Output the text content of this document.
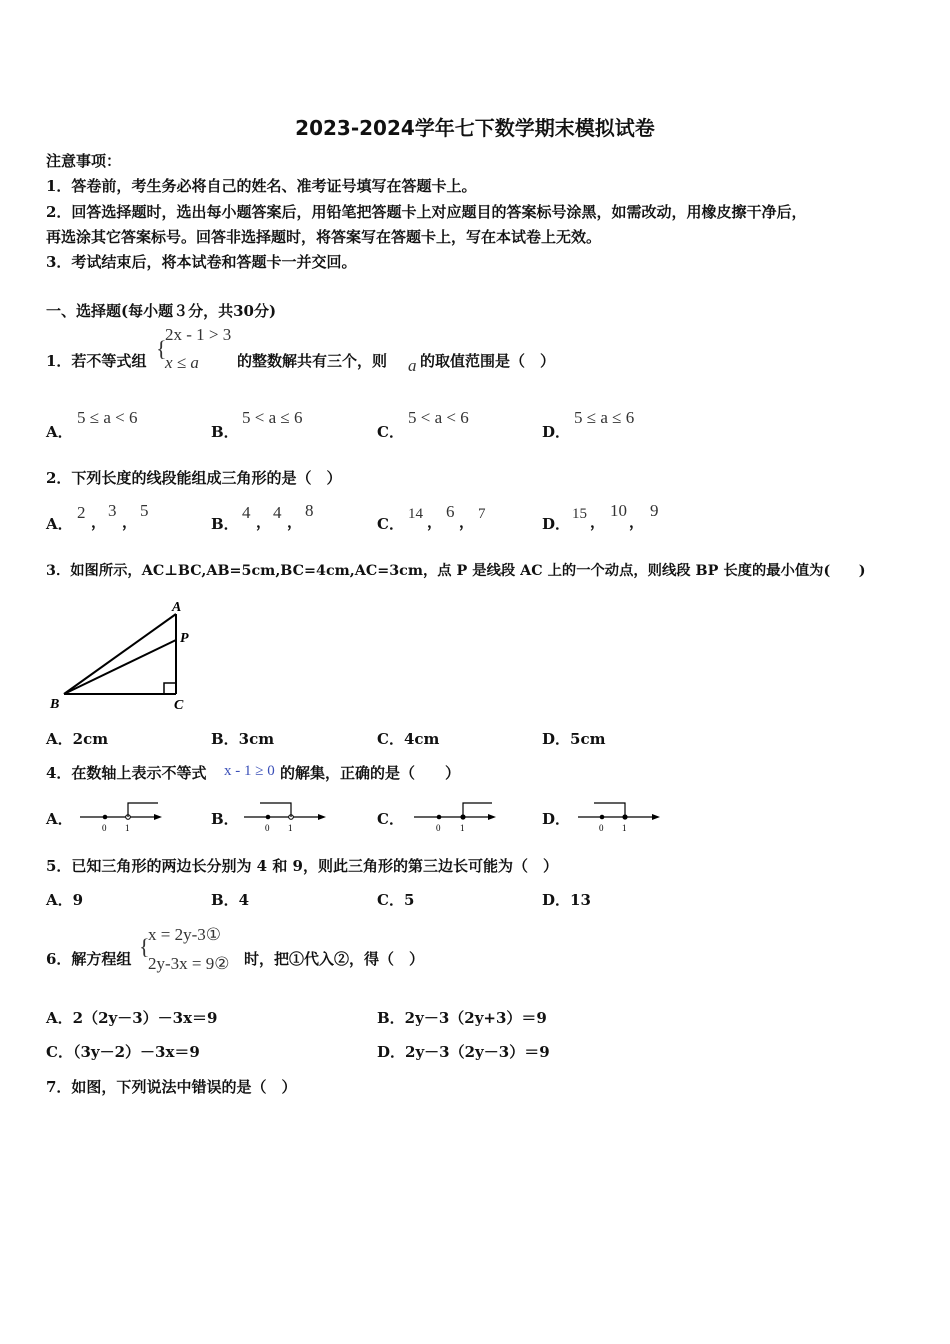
2023-2024学年七下数学期末模拟试卷
注意事项：
1．答卷前，考生务必将自己的姓名、准考证号填写在答题卡上。
2．回答选择题时，选出每小题答案后，用铅笔把答题卡上对应题目的答案标号涂黑，如需改动，用橡皮擦干净后，
再选涂其它答案标号。回答非选择题时，将答案写在答题卡上，写在本试卷上无效。
3．考试结束后，将本试卷和答题卡一并交回。
一、选择题(每小题３分，共30分)
1．若不等式组 {
2x - 1 > 3
x ≤ a	的整数解共有三个，则 a 的取值范围是（　）
A．
5 ≤ a < 6
B．
5 < a ≤ 6
C．
5 < a < 6
D．
5 ≤ a ≤ 6
2．下列长度的线段能组成三角形的是（　）
A．
2 ，
3
，
5
B．
4 ， 4 ，
8
C．
14 ，
6
， 7
D．
15 ，
10
，
9
3．如图所示，AC⊥BC,AB=5cm,BC=4cm,AC=3cm，点 P 是线段 AC 上的一个动点，则线段 BP 长度的最小值为(　　)
A
P
B	C
A．2cm	B．3cm	C．4cm	D．5cm
4．在数轴上表示不等式 x - 1 ≥ 0 的解集，正确的是（　　）
A．	0 1	B．	0 1	C．	0 1	D．	0 1
5．已知三角形的两边长分别为 4 和 9，则此三角形的第三边长可能为（　）
A．9	B．4	C．5	D．13
6．解方程组 {
x = 2y-3①
2y-3x = 9② 时，把①代入②，得（　）
A．2（2y－3）－3x＝9	B．2y－3（2y+3）＝9
C．（3y－2）－3x＝9	D．2y－3（2y－3）＝9
7．如图，下列说法中错误的是（　）
